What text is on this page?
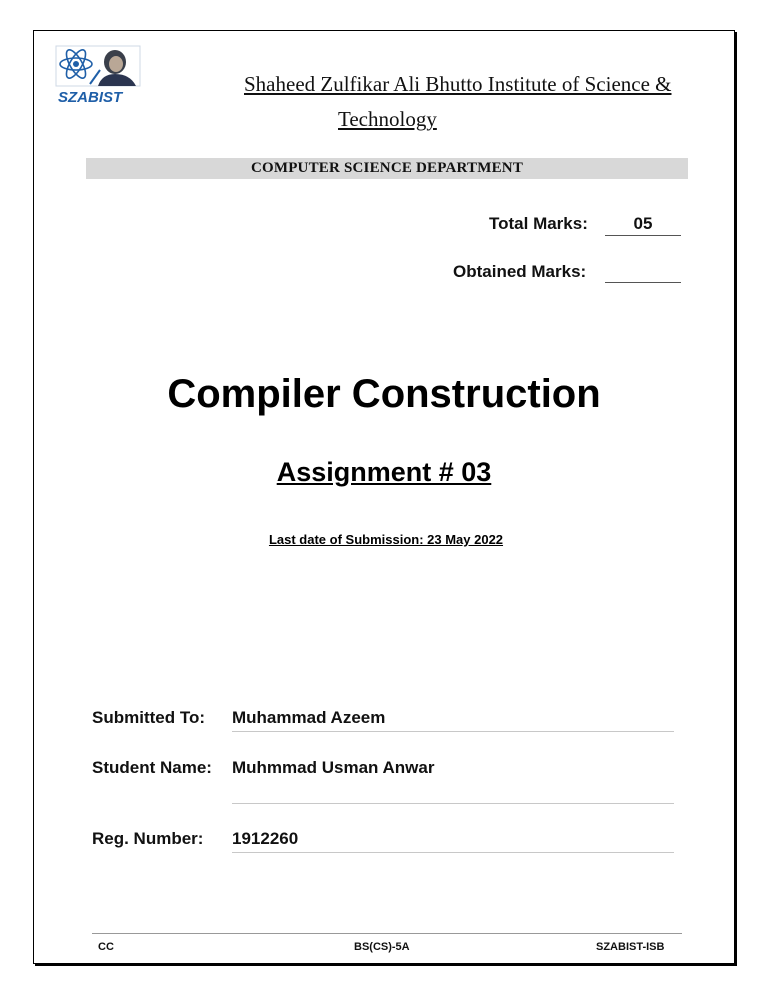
SZABIST
Shaheed Zulfikar Ali Bhutto Institute of Science &
Technology
COMPUTER SCIENCE DEPARTMENT
Total Marks:	05
Obtained Marks:
Compiler Construction
Assignment # 03
Last date of Submission: 23 May 2022
Submitted To: Muhammad Azeem
Student Name: Muhmmad Usman Anwar
Reg. Number: 1912260
CC	BS(CS)-5A	SZABIST-ISB
